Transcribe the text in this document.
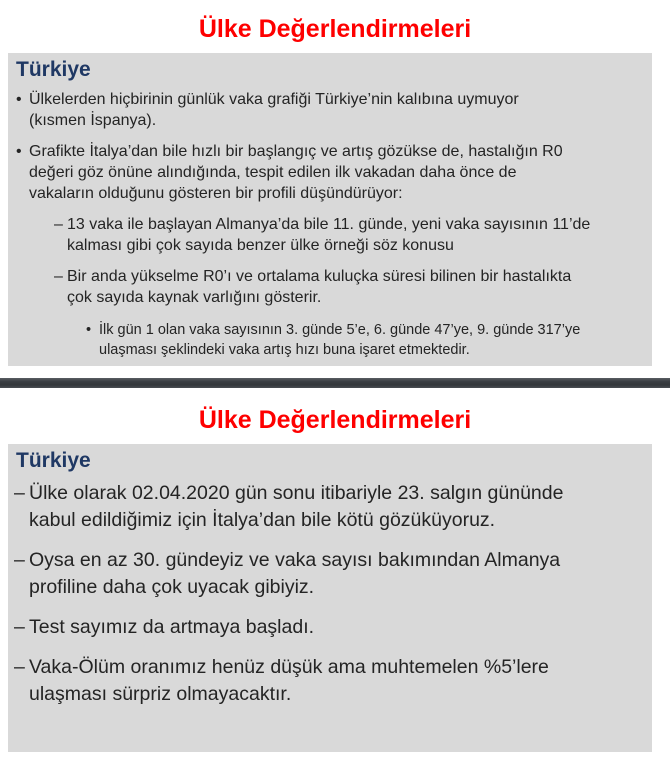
Ülke Değerlendirmeleri
Türkiye
• Ülkelerden hiçbirinin günlük vaka grafiği Türkiye’nin kalıbına uymuyor
(kısmen İspanya).
• Grafikte İtalya’dan bile hızlı bir başlangıç ve artış gözükse de, hastalığın R0
değeri göz önüne alındığında, tespit edilen ilk vakadan daha önce de
vakaların olduğunu gösteren bir profili düşündürüyor:
– 13 vaka ile başlayan Almanya’da bile 11. günde, yeni vaka sayısının 11’de
kalması gibi çok sayıda benzer ülke örneği söz konusu
– Bir anda yükselme R0’ı ve ortalama kuluçka süresi bilinen bir hastalıkta
çok sayıda kaynak varlığını gösterir.
• İlk gün 1 olan vaka sayısının 3. günde 5’e, 6. günde 47’ye, 9. günde 317’ye
ulaşması şeklindeki vaka artış hızı buna işaret etmektedir.
Ülke Değerlendirmeleri
Türkiye
– Ülke olarak 02.04.2020 gün sonu itibariyle 23. salgın gününde
kabul edildiğimiz için İtalya’dan bile kötü gözüküyoruz.
– Oysa en az 30. gündeyiz ve vaka sayısı bakımından Almanya
profiline daha çok uyacak gibiyiz.
– Test sayımız da artmaya başladı.
– Vaka-Ölüm oranımız henüz düşük ama muhtemelen %5’lere
ulaşması sürpriz olmayacaktır.
